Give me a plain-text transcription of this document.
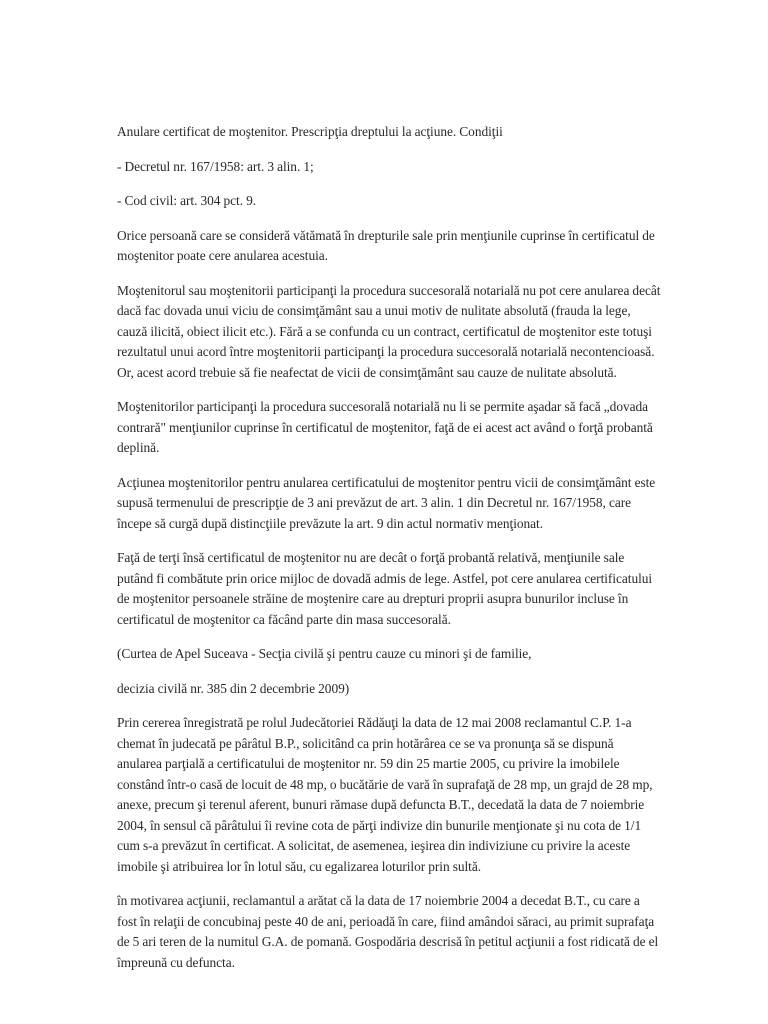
Anulare certificat de moştenitor. Prescripţia dreptului la acţiune. Condiţii

- Decretul nr. 167/1958: art. 3 alin. 1;

- Cod civil: art. 304 pct. 9.

Orice persoană care se consideră vătămată în drepturile sale prin menţiunile cuprinse în certificatul de moştenitor poate cere anularea acestuia.

Moştenitorul sau moştenitorii participanţi la procedura succesorală notarială nu pot cere anularea decât dacă fac dovada unui viciu de consimţământ sau a unui motiv de nulitate absolută (frauda la lege, cauză ilicită, obiect ilicit etc.). Fără a se confunda cu un contract, certificatul de moştenitor este totuşi rezultatul unui acord între moştenitorii participanţi la procedura succesorală notarială necontencioasă. Or, acest acord trebuie să fie neafectat de vicii de consimţământ sau cauze de nulitate absolută.

Moştenitorilor participanţi la procedura succesorală notarială nu li se permite aşadar să facă „dovada contrară" menţiunilor cuprinse în certificatul de moştenitor, faţă de ei acest act având o forţă probantă deplină.

Acţiunea moştenitorilor pentru anularea certificatului de moştenitor pentru vicii de consimţământ este supusă termenului de prescripţie de 3 ani prevăzut de art. 3 alin. 1 din Decretul nr. 167/1958, care începe să curgă după distincţiile prevăzute la art. 9 din actul normativ menţionat.

Faţă de terţi însă certificatul de moştenitor nu are decât o forţă probantă relativă, menţiunile sale putând fi combătute prin orice mijloc de dovadă admis de lege. Astfel, pot cere anularea certificatului de moştenitor persoanele străine de moştenire care au drepturi proprii asupra bunurilor incluse în certificatul de moştenitor ca făcând parte din masa succesorală.

(Curtea de Apel Suceava - Secţia civilă şi pentru cauze cu minori şi de familie,

decizia civilă nr. 385 din 2 decembrie 2009)

Prin cererea înregistrată pe rolul Judecătoriei Rădăuţi la data de 12 mai 2008 reclamantul C.P. 1-a chemat în judecată pe pârâtul B.P., solicitând ca prin hotărârea ce se va pronunţa să se dispună anularea parţială a certificatului de moştenitor nr. 59 din 25 martie 2005, cu privire la imobilele constând într-o casă de locuit de 48 mp, o bucătărie de vară în suprafaţă de 28 mp, un grajd de 28 mp, anexe, precum şi terenul aferent, bunuri rămase după defuncta B.T., decedată la data de 7 noiembrie 2004, în sensul că pârâtului îi revine cota de părţi indivize din bunurile menţionate şi nu cota de 1/1 cum s-a prevăzut în certificat. A solicitat, de asemenea, ieşirea din indiviziune cu privire la aceste imobile şi atribuirea lor în lotul său, cu egalizarea loturilor prin sultă.

în motivarea acţiunii, reclamantul a arătat că la data de 17 noiembrie 2004 a decedat B.T., cu care a fost în relaţii de concubinaj peste 40 de ani, perioadă în care, fiind amândoi săraci, au primit suprafaţa de 5 ari teren de la numitul G.A. de pomană. Gospodăria descrisă în petitul acţiunii a fost ridicată de el împreună cu defuncta.
